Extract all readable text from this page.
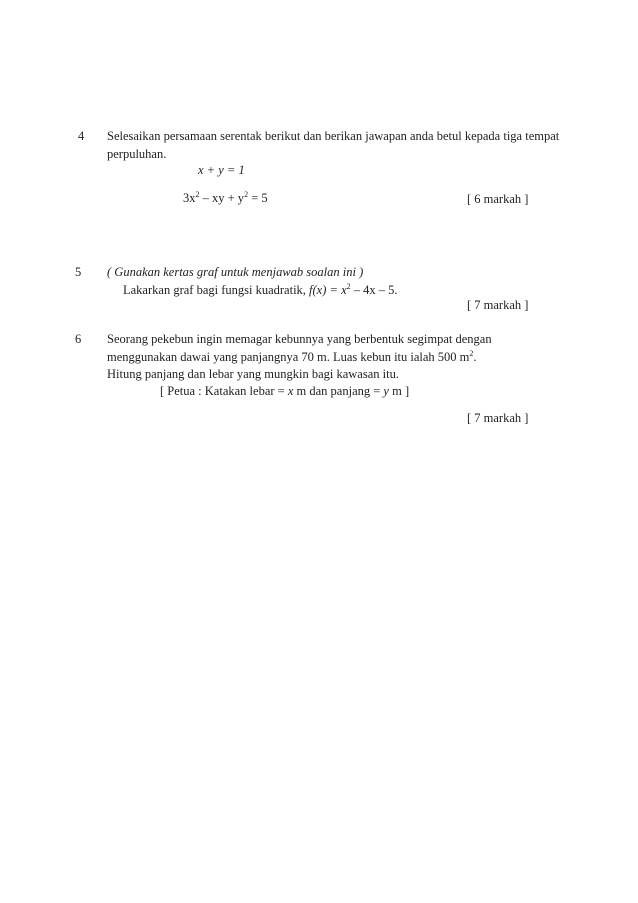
4 Selesaikan persamaan serentak berikut dan berikan jawapan anda betul kepada tiga tempat
perpuluhan.
x + y = 1
$3x^2$ – xy + $y^2 = 5$	[ 6 markah ]
5 ( Gunakan kertas graf untuk menjawab soalan ini )
Lakarkan graf bagi fungsi kuadratik, $f(x) = x^2 - 4x - 5$.
[ 7 markah ]
6 Seorang pekebun ingin memagar kebunnya yang berbentuk segimpat dengan
menggunakan dawai yang panjangnya 70 m. Luas kebun itu ialah 500 $m^2$.
Hitung panjang dan lebar yang mungkin bagi kawasan itu.
[ Petua : Katakan lebar = x m dan panjang = y m ]
[ 7 markah ]
